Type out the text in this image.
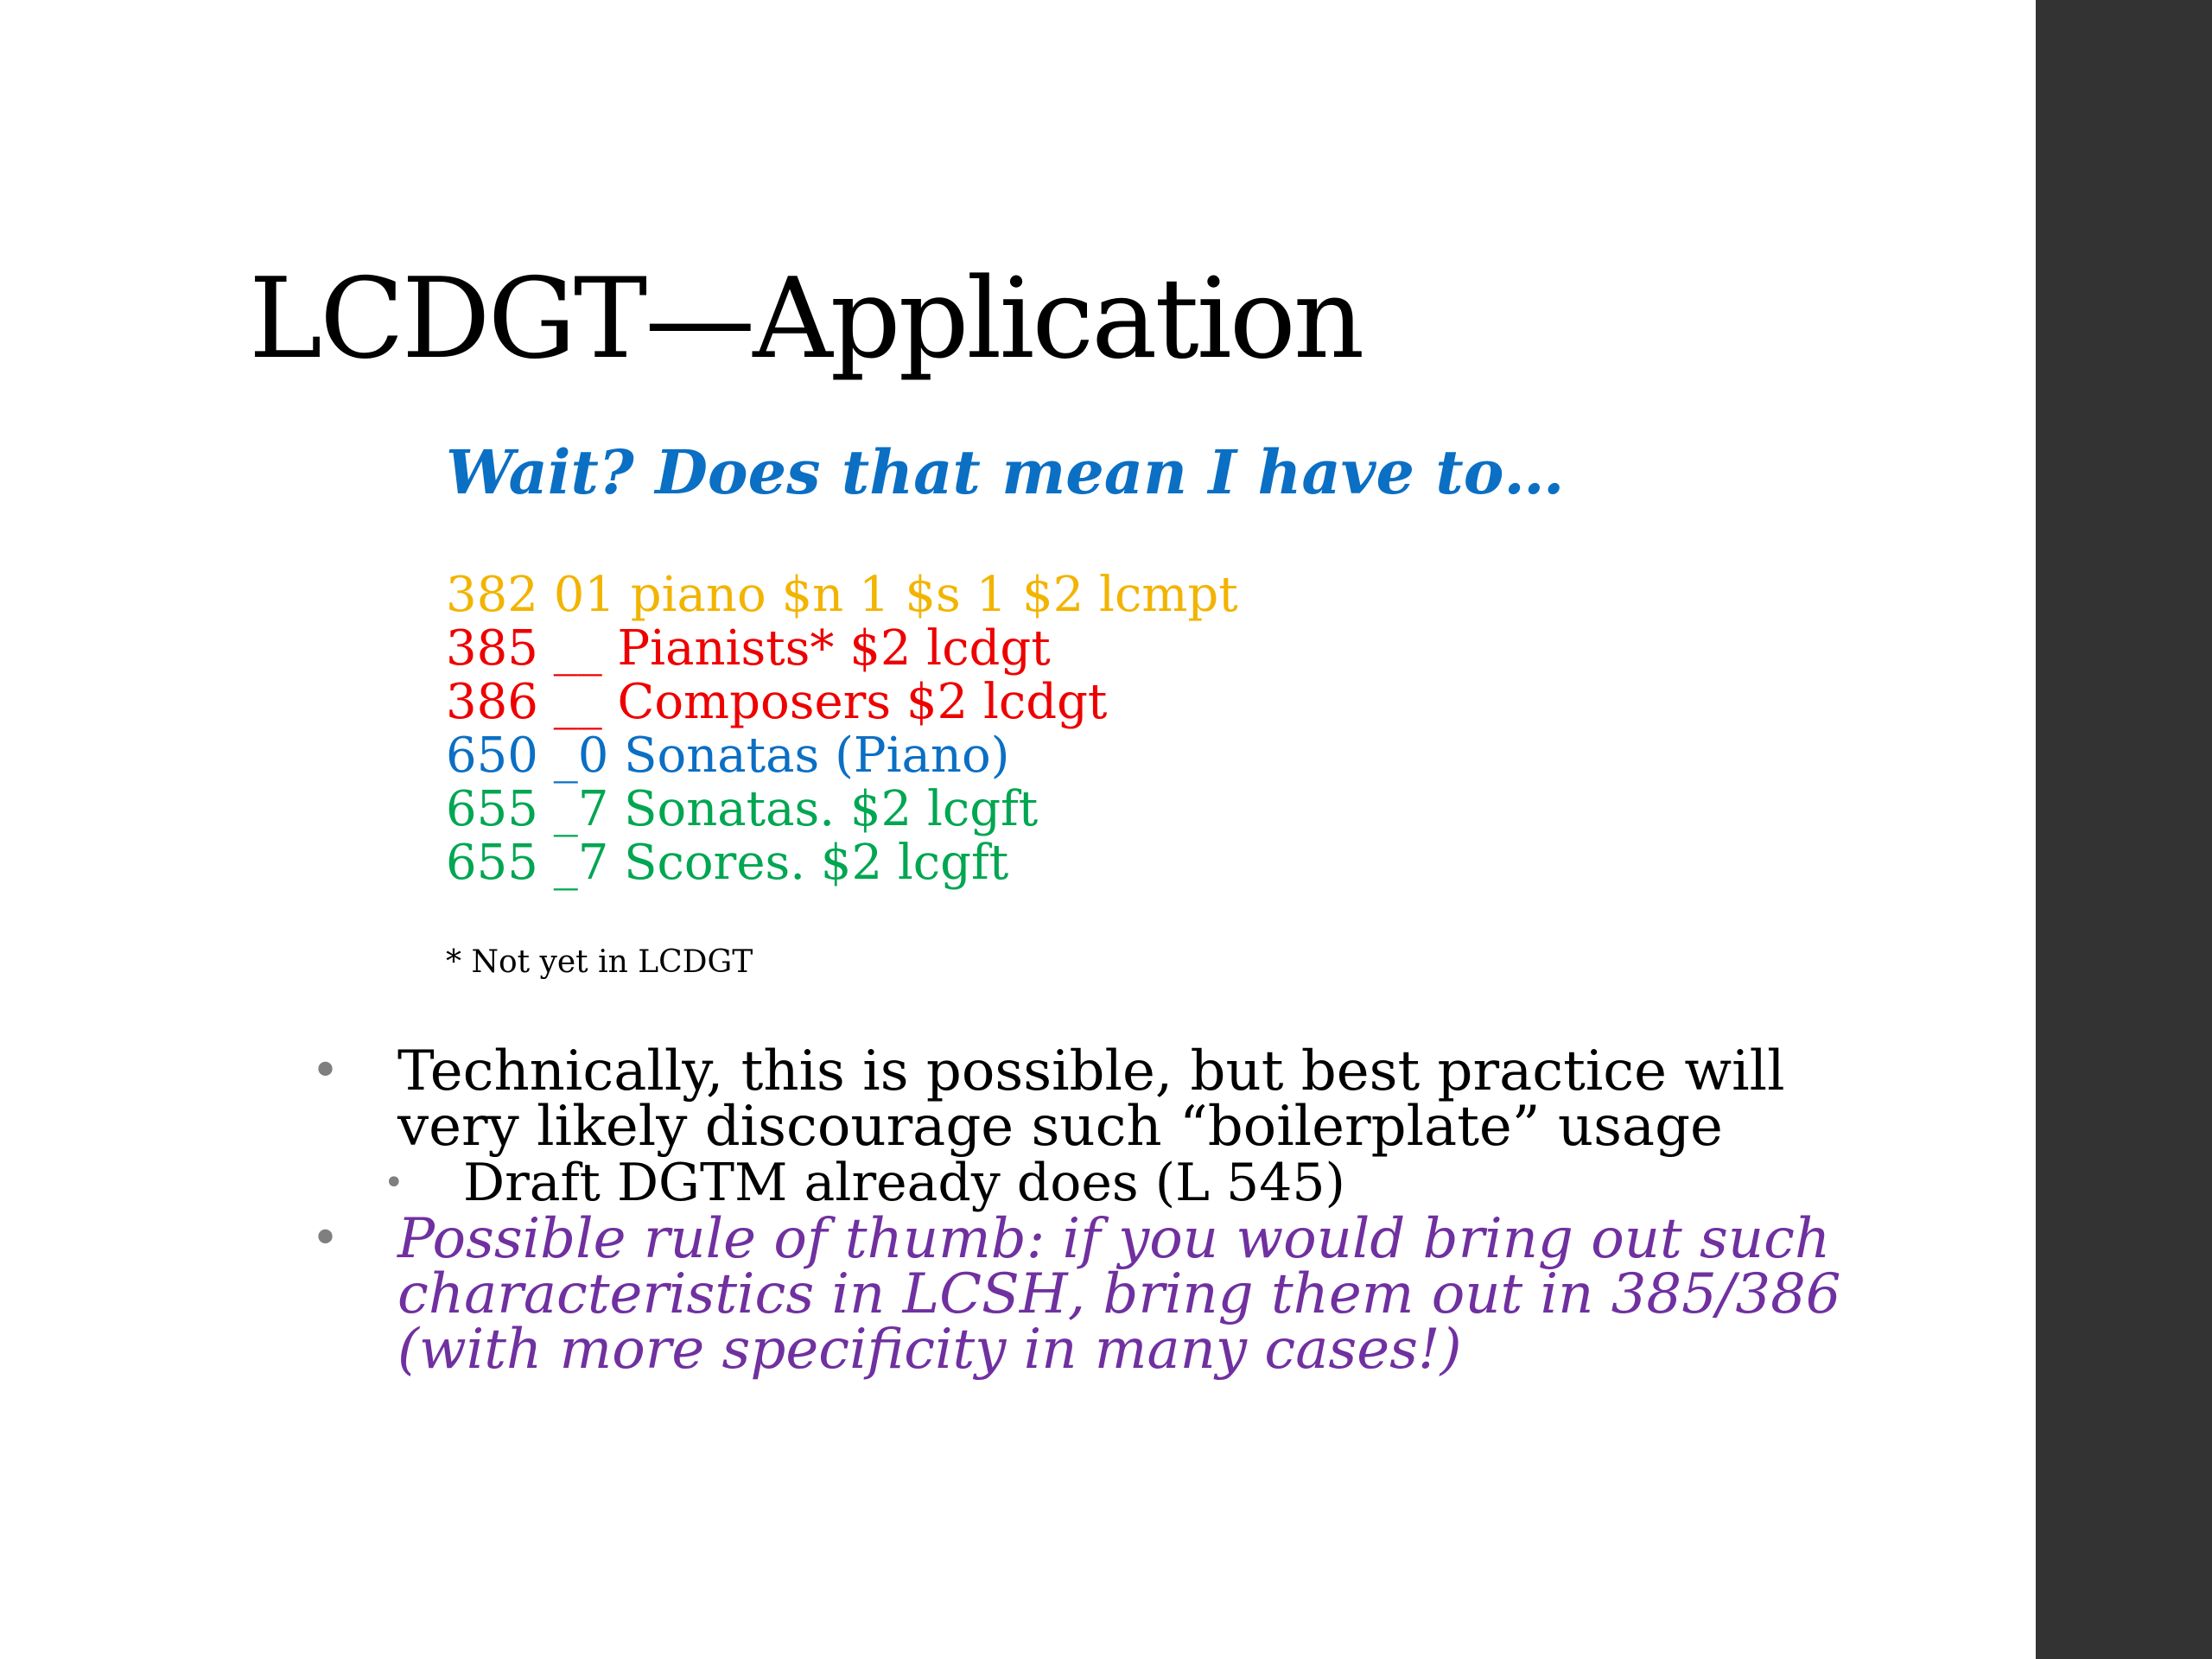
LCDGT—Application
Wait? Does that mean I have to…
382 01 piano $n 1 $s 1 $2 lcmpt
385 __ Pianists* $2 lcdgt
386 __ Composers $2 lcdgt
650 _0 Sonatas (Piano)
655 _7 Sonatas. $2 lcgft
655 _7 Scores. $2 lcgft
* Not yet in LCDGT
• Technically, this is possible, but best practice will very likely discourage such “boilerplate” usage
• Draft DGTM already does (L 545)
• Possible rule of thumb: if you would bring out such characteristics in LCSH, bring them out in 385/386 (with more specificity in many cases!)
